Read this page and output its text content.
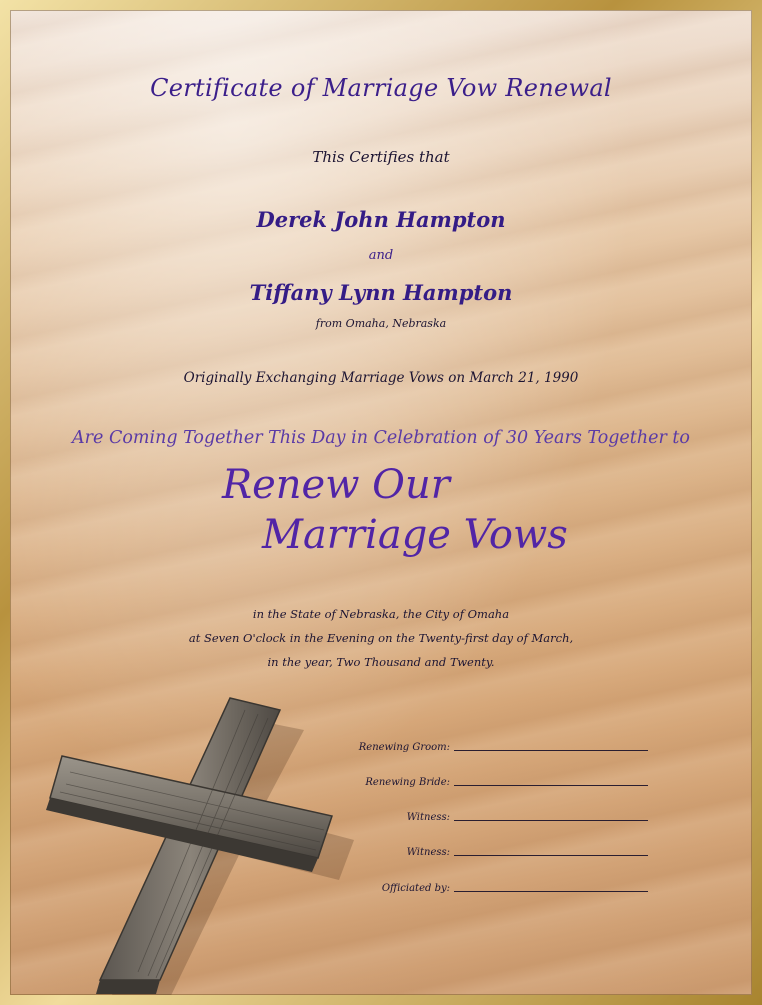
Certificate of Marriage Vow Renewal
This Certifies that
Derek John Hampton
and
Tiffany Lynn Hampton
from Omaha, Nebraska
Originally Exchanging Marriage Vows on March 21, 1990
Are Coming Together This Day in Celebration of 30 Years Together to
Renew Our
Marriage Vows
in the State of Nebraska, the City of Omaha
at Seven O'clock in the Evening on the Twenty-first day of March,
in the year, Two Thousand and Twenty.
Renewing Groom:
Renewing Bride:
Witness:
Witness:
Officiated by:
